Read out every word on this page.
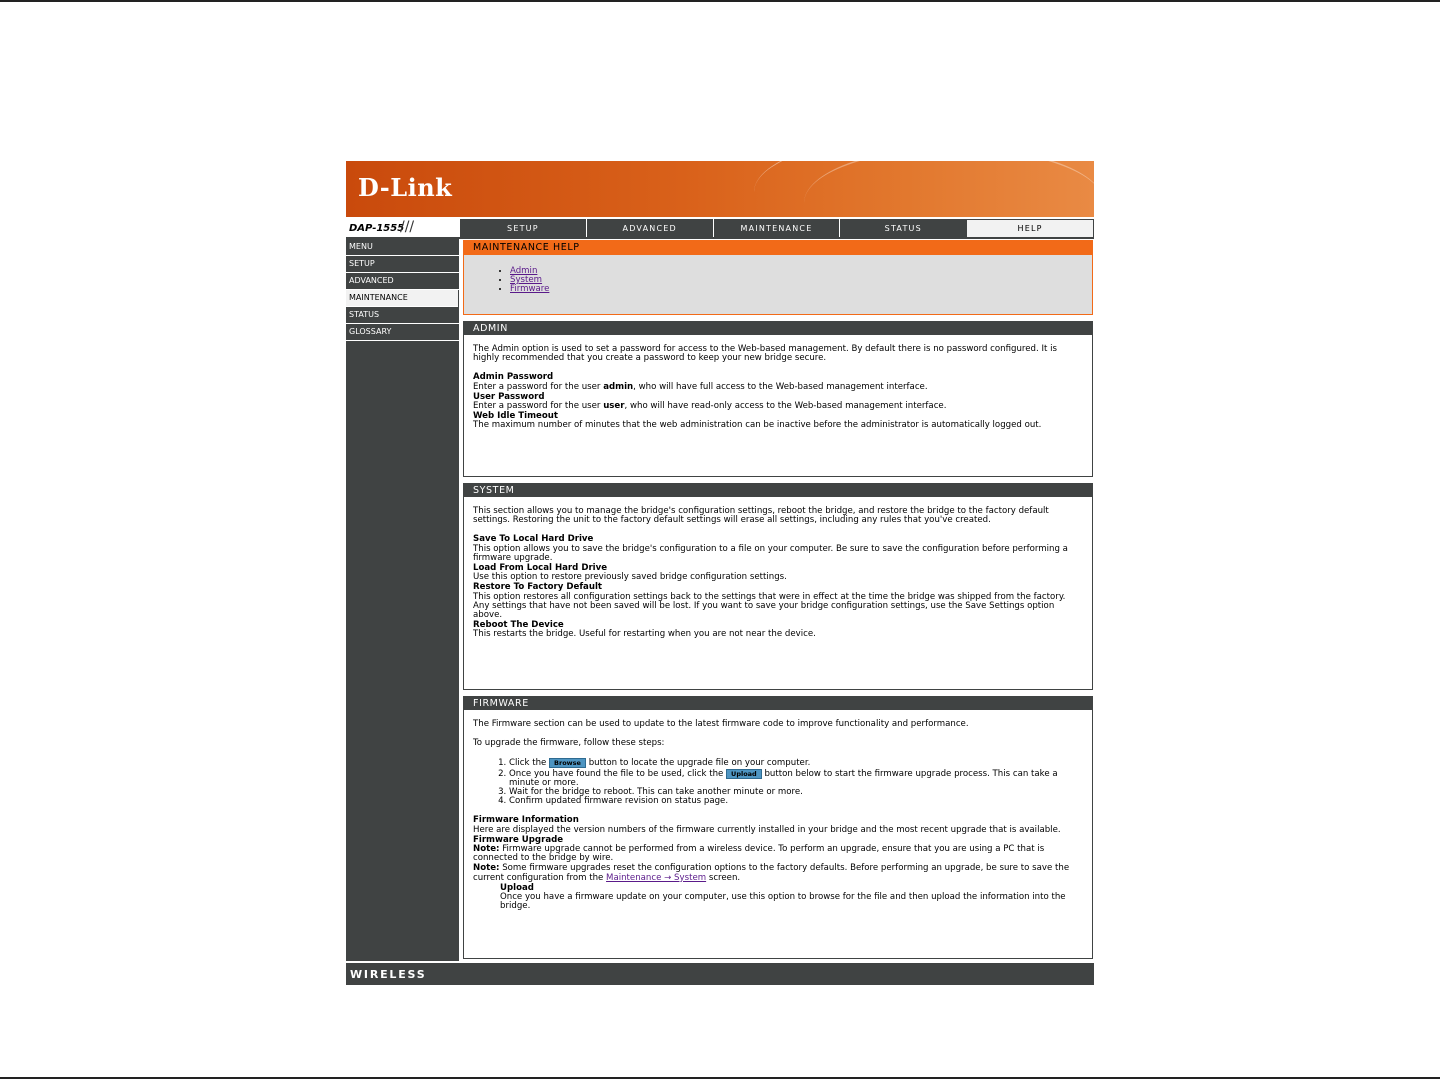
D-Link
DAP-1555
///	SETUP	ADVANCED	MAINTENANCE	STATUS	HELP
MENU
SETUP
ADVANCED
MAINTENANCE
STATUS
GLOSSARY
MAINTENANCE HELP
• Admin
• System
• Firmware
ADMIN

The Admin option is used to set a password for access to the Web-based management. By default there is no password configured. It is highly recommended that you create a password to keep your new bridge secure.

Admin Password
Enter a password for the user admin, who will have full access to the Web-based management interface.
User Password
Enter a password for the user user, who will have read-only access to the Web-based management interface.
Web Idle Timeout
The maximum number of minutes that the web administration can be inactive before the administrator is automatically logged out.
SYSTEM

This section allows you to manage the bridge's configuration settings, reboot the bridge, and restore the bridge to the factory default settings. Restoring the unit to the factory default settings will erase all settings, including any rules that you've created.

Save To Local Hard Drive
This option allows you to save the bridge's configuration to a file on your computer. Be sure to save the configuration before performing a firmware upgrade.
Load From Local Hard Drive
Use this option to restore previously saved bridge configuration settings.
Restore To Factory Default
This option restores all configuration settings back to the settings that were in effect at the time the bridge was shipped from the factory. Any settings that have not been saved will be lost. If you want to save your bridge configuration settings, use the Save Settings option above.
Reboot The Device
This restarts the bridge. Useful for restarting when you are not near the device.
FIRMWARE

The Firmware section can be used to update to the latest firmware code to improve functionality and performance.

To upgrade the firmware, follow these steps:

1. Click the Browse button to locate the upgrade file on your computer.
2. Once you have found the file to be used, click the Upload button below to start the firmware upgrade process. This can take a minute or more.
3. Wait for the bridge to reboot. This can take another minute or more.
4. Confirm updated firmware revision on status page.
Firmware Information
Here are displayed the version numbers of the firmware currently installed in your bridge and the most recent upgrade that is available.
Firmware Upgrade
Note: Firmware upgrade cannot be performed from a wireless device. To perform an upgrade, ensure that you are using a PC that is connected to the bridge by wire.
Note: Some firmware upgrades reset the configuration options to the factory defaults. Before performing an upgrade, be sure to save the current configuration from the Maintenance → System screen.
Upload
Once you have a firmware update on your computer, use this option to browse for the file and then upload the information into the bridge.
WIRELESS
